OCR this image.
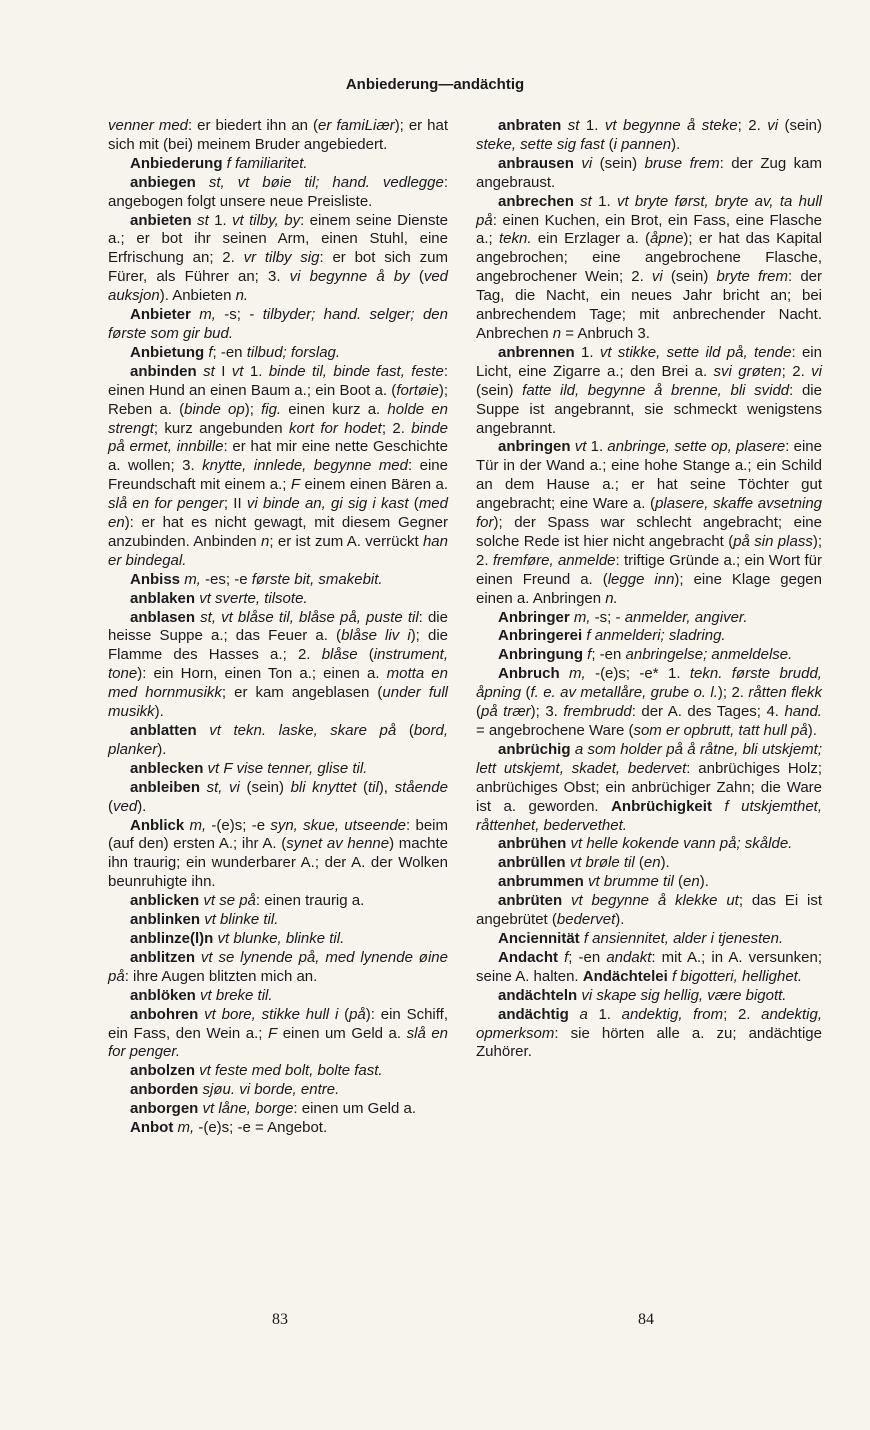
Anbiederung—andächtig

venner med: er biedert ihn an (er famiLiær); er hat sich mit (bei) meinem Bruder angebiedert.

Anbiederung f familiaritet.

anbiegen st, vt bøie til; hand. vedlegge: angebogen folgt unsere neue Preisliste.

anbieten st 1. vt tilby, by: einem seine Dienste a.; er bot ihr seinen Arm, einen Stuhl, eine Erfrischung an; 2. vr tilby sig: er bot sich zum Fürer, als Führer an; 3. vi begynne å by (ved auksjon). Anbieten n.

Anbieter m, -s; - tilbyder; hand. selger; den første som gir bud.

Anbietung f; -en tilbud; forslag.

anbinden st I vt 1. binde til, binde fast, feste: einen Hund an einen Baum a.; ein Boot a. (fortøie); Reben a. (binde op); fig. einen kurz a. holde en strengt; kurz angebunden kort for hodet; 2. binde på ermet, innbille: er hat mir eine nette Geschichte a. wollen; 3. knytte, innlede, begynne med: eine Freundschaft mit einem a.; F einem einen Bären a. slå en for penger; II vi binde an, gi sig i kast (med en): er hat es nicht gewagt, mit diesem Gegner anzubinden. Anbinden n; er ist zum A. verrückt han er bindegal.

Anbiss m, -es; -e første bit, smakebit.

anblaken vt sverte, tilsote.

anblasen st, vt blåse til, blåse på, puste til: die heisse Suppe a.; das Feuer a. (blåse liv i); die Flamme des Hasses a.; 2. blåse (instrument, tone): ein Horn, einen Ton a.; einen a. motta en med hornmusikk; er kam angeblasen (under full musikk).

anblatten vt tekn. laske, skare på (bord, planker).

anblecken vt F vise tenner, glise til.

anbleiben st, vi (sein) bli knyttet (til), stående (ved).

Anblick m, -(e)s; -e syn, skue, utseende: beim (auf den) ersten A.; ihr A. (synet av henne) machte ihn traurig; ein wunderbarer A.; der A. der Wolken beunruhigte ihn.

anblicken vt se på: einen traurig a.

anblinken vt blinke til.

anblinze(l)n vt blunke, blinke til.

anblitzen vt se lynende på, med lynende øine på: ihre Augen blitzten mich an.

anblöken vt breke til.

anbohren vt bore, stikke hull i (på): ein Schiff, ein Fass, den Wein a.; F einen um Geld a. slå en for penger.

anbolzen vt feste med bolt, bolte fast.

anborden sjøu. vi borde, entre.

anborgen vt låne, borge: einen um Geld a.

Anbot m, -(e)s; -e = Angebot.

anbraten st 1. vt begynne å steke; 2. vi (sein) steke, sette sig fast (i pannen).

anbrausen vi (sein) bruse frem: der Zug kam angebraust.

anbrechen st 1. vt bryte først, bryte av, ta hull på: einen Kuchen, ein Brot, ein Fass, eine Flasche a.; tekn. ein Erzlager a. (åpne); er hat das Kapital angebrochen; eine angebrochene Flasche, angebrochener Wein; 2. vi (sein) bryte frem: der Tag, die Nacht, ein neues Jahr bricht an; bei anbrechendem Tage; mit anbrechender Nacht. Anbrechen n = Anbruch 3.

anbrennen 1. vt stikke, sette ild på, tende: ein Licht, eine Zigarre a.; den Brei a. svi grøten; 2. vi (sein) fatte ild, begynne å brenne, bli svidd: die Suppe ist angebrannt, sie schmeckt wenigstens angebrannt.

anbringen vt 1. anbringe, sette op, plasere: eine Tür in der Wand a.; eine hohe Stange a.; ein Schild an dem Hause a.; er hat seine Töchter gut angebracht; eine Ware a. (plasere, skaffe avsetning for); der Spass war schlecht angebracht; eine solche Rede ist hier nicht angebracht (på sin plass); 2. fremføre, anmelde: triftige Gründe a.; ein Wort für einen Freund a. (legge inn); eine Klage gegen einen a. Anbringen n.

Anbringer m, -s; - anmelder, angiver.

Anbringerei f anmelderi; sladring.

Anbringung f; -en anbringelse; anmeldelse.

Anbruch m, -(e)s; -e* 1. tekn. første brudd, åpning (f. e. av metallåre, grube o. l.); 2. råtten flekk (på trær); 3. frembrudd: der A. des Tages; 4. hand. = angebrochene Ware (som er opbrutt, tatt hull på).

anbrüchig a som holder på å råtne, bli utskjemt; lett utskjemt, skadet, bedervet: anbrüchiges Holz; anbrüchiges Obst; ein anbrüchiger Zahn; die Ware ist a. geworden. Anbrüchigkeit f utskjemthet, råttenhet, bedervethet.

anbrühen vt helle kokende vann på; skålde.

anbrüllen vt brøle til (en).

anbrummen vt brumme til (en).

anbrüten vt begynne å klekke ut; das Ei ist angebrütet (bedervet).

Anciennität f ansiennitet, alder i tjenesten.

Andacht f; -en andakt: mit A.; in A. versunken; seine A. halten. Andächtelei f bigotteri, hellighet.

andächteln vi skape sig hellig, være bigott.

andächtig a 1. andektig, from; 2. andektig, opmerksom: sie hörten alle a. zu; andächtige Zuhörer.

83	84
